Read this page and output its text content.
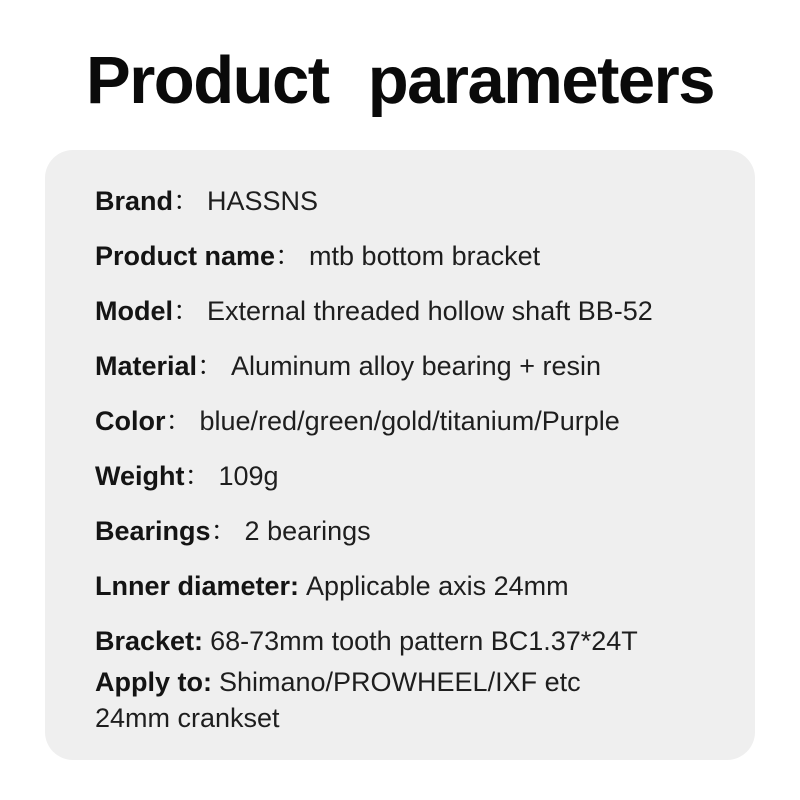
Product parameters
Brand： HASSNS
Product name： mtb bottom bracket
Model： External threaded hollow shaft BB-52
Material： Aluminum alloy bearing + resin
Color： blue/red/green/gold/titanium/Purple
Weight： 109g
Bearings： 2 bearings
Lnner diameter: Applicable axis 24mm
Bracket: 68-73mm tooth pattern BC1.37*24T
Apply to: Shimano/PROWHEEL/IXF etc
24mm crankset
